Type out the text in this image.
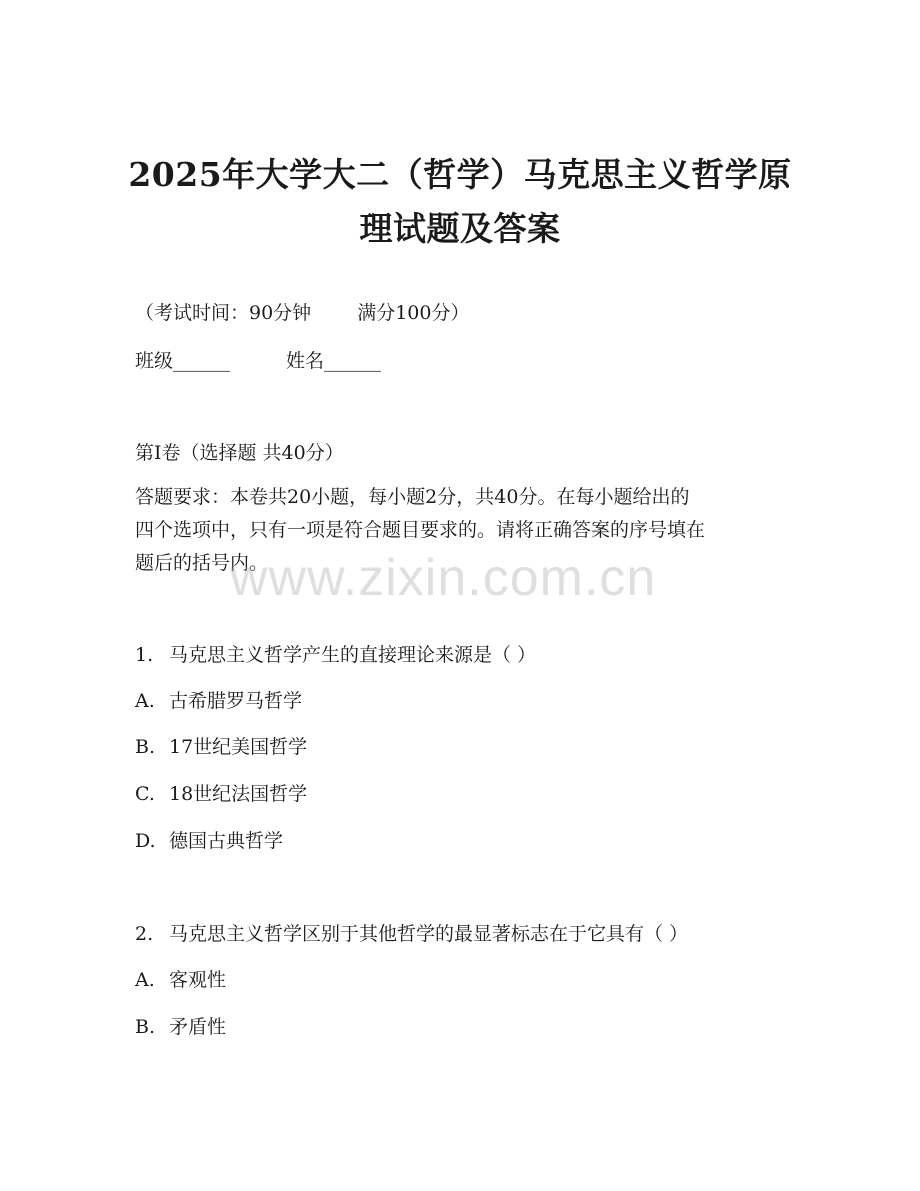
2025年大学大二（哲学）马克思主义哲学原
理试题及答案
（考试时间：90分钟 满分100分）
班级______	姓名______
第I卷（选择题 共40分）
答题要求：本卷共20小题，每小题2分，共40分。在每小题给出的
四个选项中，只有一项是符合题目要求的。请将正确答案的序号填在
题后的括号内。
www.zixin.com.cn
1. 马克思主义哲学产生的直接理论来源是（ ）
A. 古希腊罗马哲学
B. 17世纪美国哲学
C. 18世纪法国哲学
D. 德国古典哲学
2. 马克思主义哲学区别于其他哲学的最显著标志在于它具有（ ）
A. 客观性
B. 矛盾性
